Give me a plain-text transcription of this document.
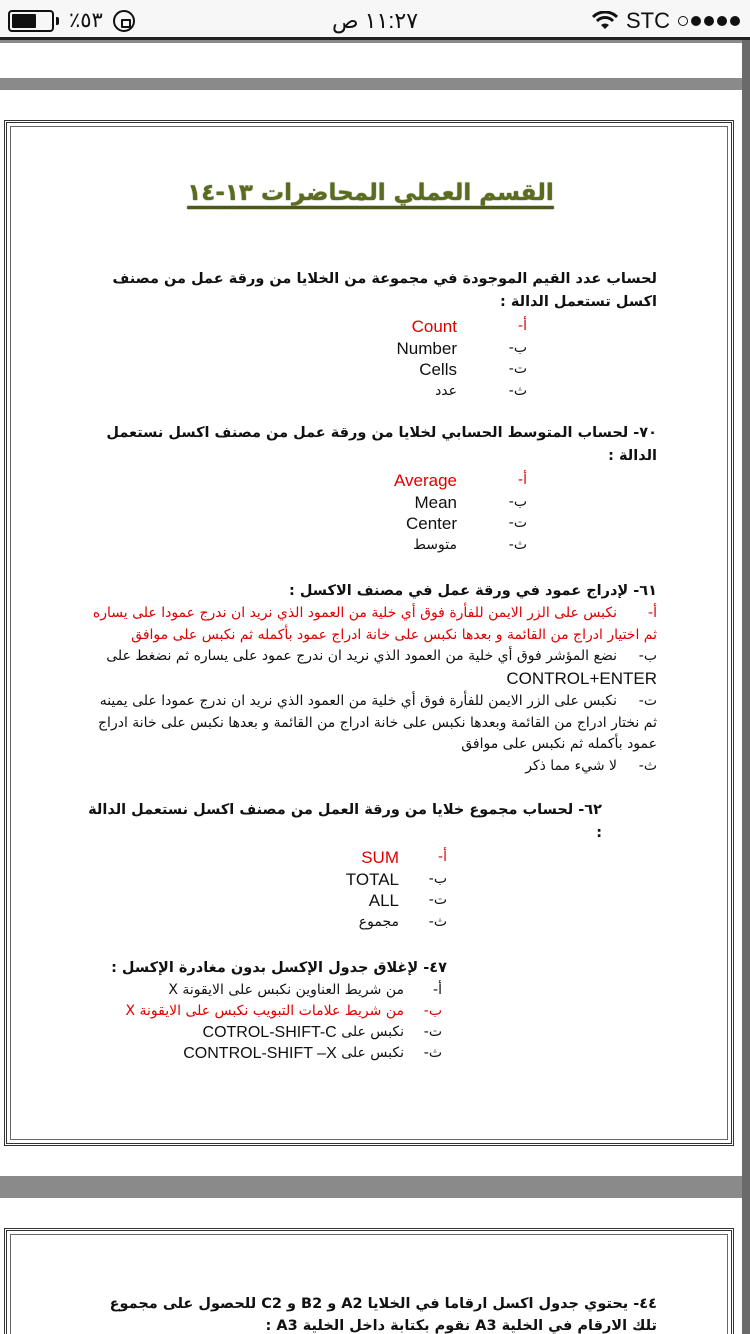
٪٥٣	١١:٢٧ ص	STC
القسم العملي المحاضرات ١٣-١٤
لحساب عدد القيم الموجودة في مجموعة من الخلايا من ورقة عمل من مصنف اكسل تستعمل الدالة :
أ-
Count
ب-
Number
ت-
Cells
ث-
عدد
٧٠- لحساب المتوسط الحسابي لخلايا من ورقة عمل من مصنف اكسل نستعمل الدالة :
أ-
Average
ب-
Mean
ت-
Center
ث-
متوسط
٦١- لإدراج عمود في ورقة عمل في مصنف الاكسل :
أ-نكبس على الزر الايمن للفأرة فوق أي خلية من العمود الذي نريد ان ندرج عمودا على يساره ثم اختيار ادراج من القائمة و بعدها نكبس على خانة ادراج عمود بأكمله ثم نكبس على موافق
ب-نضع المؤشر فوق أي خلية من العمود الذي نريد ان ندرج عمود على يساره ثم نضغط على CONTROL+ENTER
ت-نكبس على الزر الايمن للفأرة فوق أي خلية من العمود الذي نريد ان ندرج عمودا على يمينه ثم نختار ادراج من القائمة وبعدها نكبس على خانة ادراج من القائمة و بعدها نكبس على خانة ادراج عمود بأكمله ثم نكبس على موافق
ث-لا شيء مما ذكر
٦٢- لحساب مجموع خلايا من ورقة العمل من مصنف اكسل نستعمل الدالة :
أ-
SUM
ب-
TOTAL
ت-
ALL
ث-
مجموع
٤٧- لإغلاق جدول الإكسل بدون مغادرة الإكسل :
أ-
من شريط العناوين نكبس على الايقونة X
ب-
من شريط علامات التبويب نكبس على الايقونة X
ت-
نكبس على

COTROL-SHIFT-C
ث-
نكبس على

CONTROL-SHIFT –X
٤٤- يحتوي جدول اكسل ارقاما في الخلايا A2 و B2 و C2 للحصول على مجموع تلك الارقام في الخلية A3 نقوم بكتابة داخل الخلية A3 :
